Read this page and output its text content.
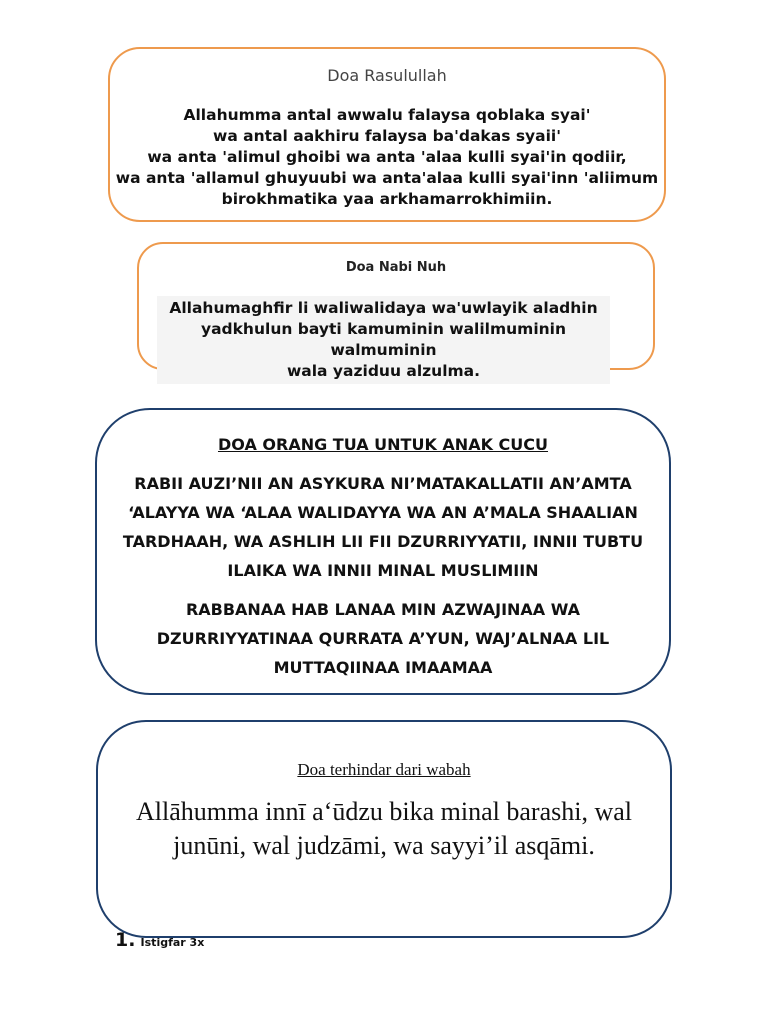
Doa Rasulullah
Allahumma antal awwalu falaysa qoblaka syai'
wa antal aakhiru falaysa ba'dakas syaii'
wa anta 'alimul ghoibi wa anta 'alaa kulli syai'in qodiir,
wa anta 'allamul ghuyuubi wa anta'alaa kulli syai'inn 'aliimum
birokhmatika yaa arkhamarrokhimiin.
Doa Nabi Nuh
Allahumaghfir li waliwalidaya wa'uwlayik aladhin
yadkhulun bayti kamuminin walilmuminin walmuminin
wala yaziduu alzulma.
DOA ORANG TUA UNTUK ANAK CUCU
RABII AUZI’NII AN ASYKURA NI’MATAKALLATII AN’AMTA
‘ALAYYA WA ‘ALAA WALIDAYYA WA AN A’MALA SHAALIAN
TARDHAAH, WA ASHLIH LII FII DZURRIYYATII, INNII TUBTU
ILAIKA WA INNII MINAL MUSLIMIIN
RABBANAA HAB LANAA MIN AZWAJINAA WA
DZURRIYYATINAA QURRATA A’YUN, WAJ’ALNAA LIL
MUTTAQIINAA IMAAMAA
Doa terhindar dari wabah
Allāhumma innī a‘ūdzu bika minal barashi, wal
junūni, wal judzāmi, wa sayyi’il asqāmi.
1. Istigfar 3x
